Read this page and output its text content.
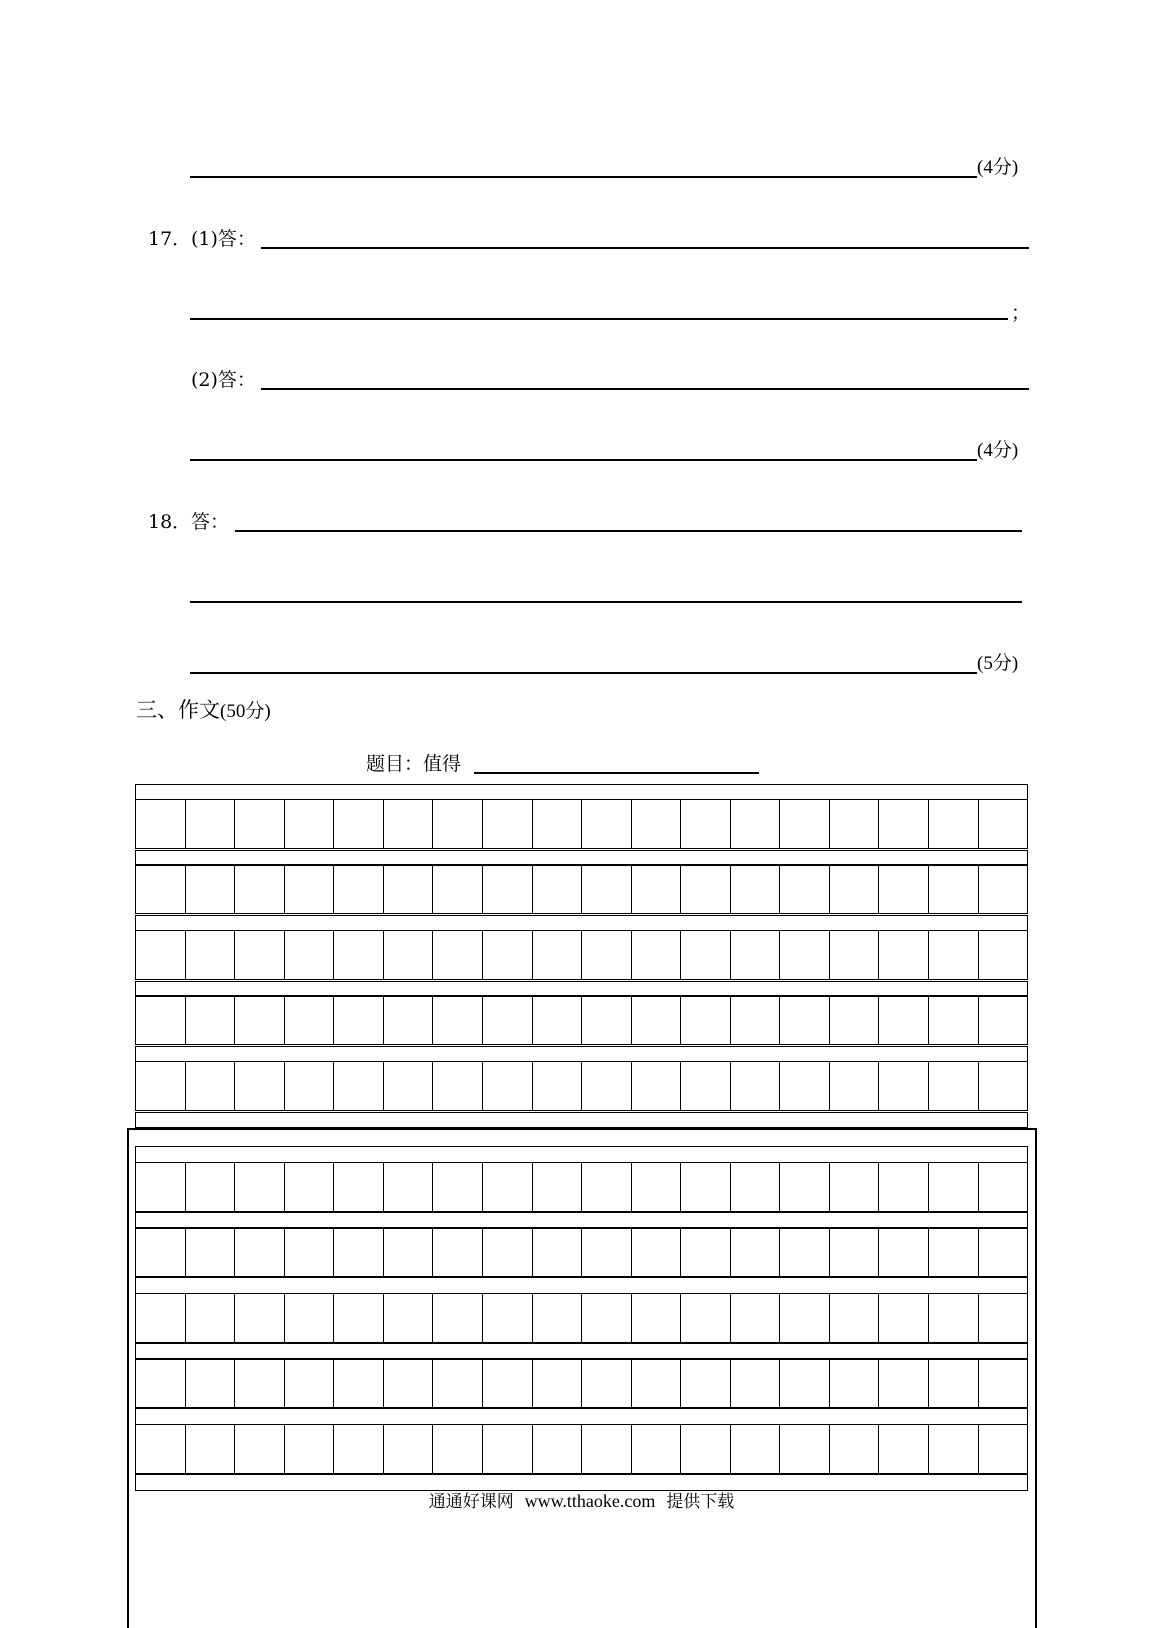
(4分)
17． (1)答：
；
(2)答：
(4分)
18． 答：
(5分)
三、作文(50分)
题目：值得
通通好课网 www.tthaoke.com 提供下载
